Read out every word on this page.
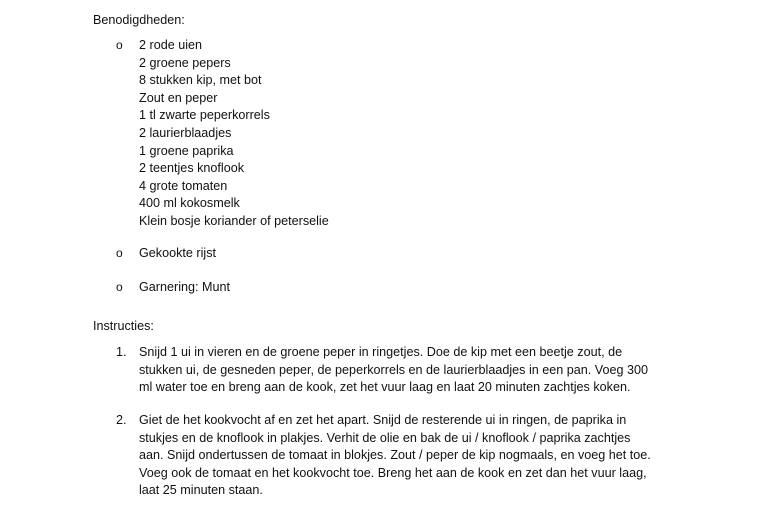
Benodigdheden:
o	2 rode uien
2 groene pepers
8 stukken kip, met bot
Zout en peper
1 tl zwarte peperkorrels
2 laurierblaadjes
1 groene paprika
2 teentjes knoflook
4 grote tomaten
400 ml kokosmelk
Klein bosje koriander of peterselie
o	Gekookte rijst
o	Garnering: Munt
Instructies:
1. Snijd 1 ui in vieren en de groene peper in ringetjes. Doe de kip met een beetje zout, de
stukken ui, de gesneden peper, de peperkorrels en de laurierblaadjes in een pan. Voeg 300
ml water toe en breng aan de kook, zet het vuur laag en laat 20 minuten zachtjes koken.
2. Giet de het kookvocht af en zet het apart. Snijd de resterende ui in ringen, de paprika in
stukjes en de knoflook in plakjes. Verhit de olie en bak de ui / knoflook / paprika zachtjes
aan. Snijd ondertussen de tomaat in blokjes. Zout / peper de kip nogmaals, en voeg het toe.
Voeg ook de tomaat en het kookvocht toe. Breng het aan de kook en zet dan het vuur laag,
laat 25 minuten staan.
